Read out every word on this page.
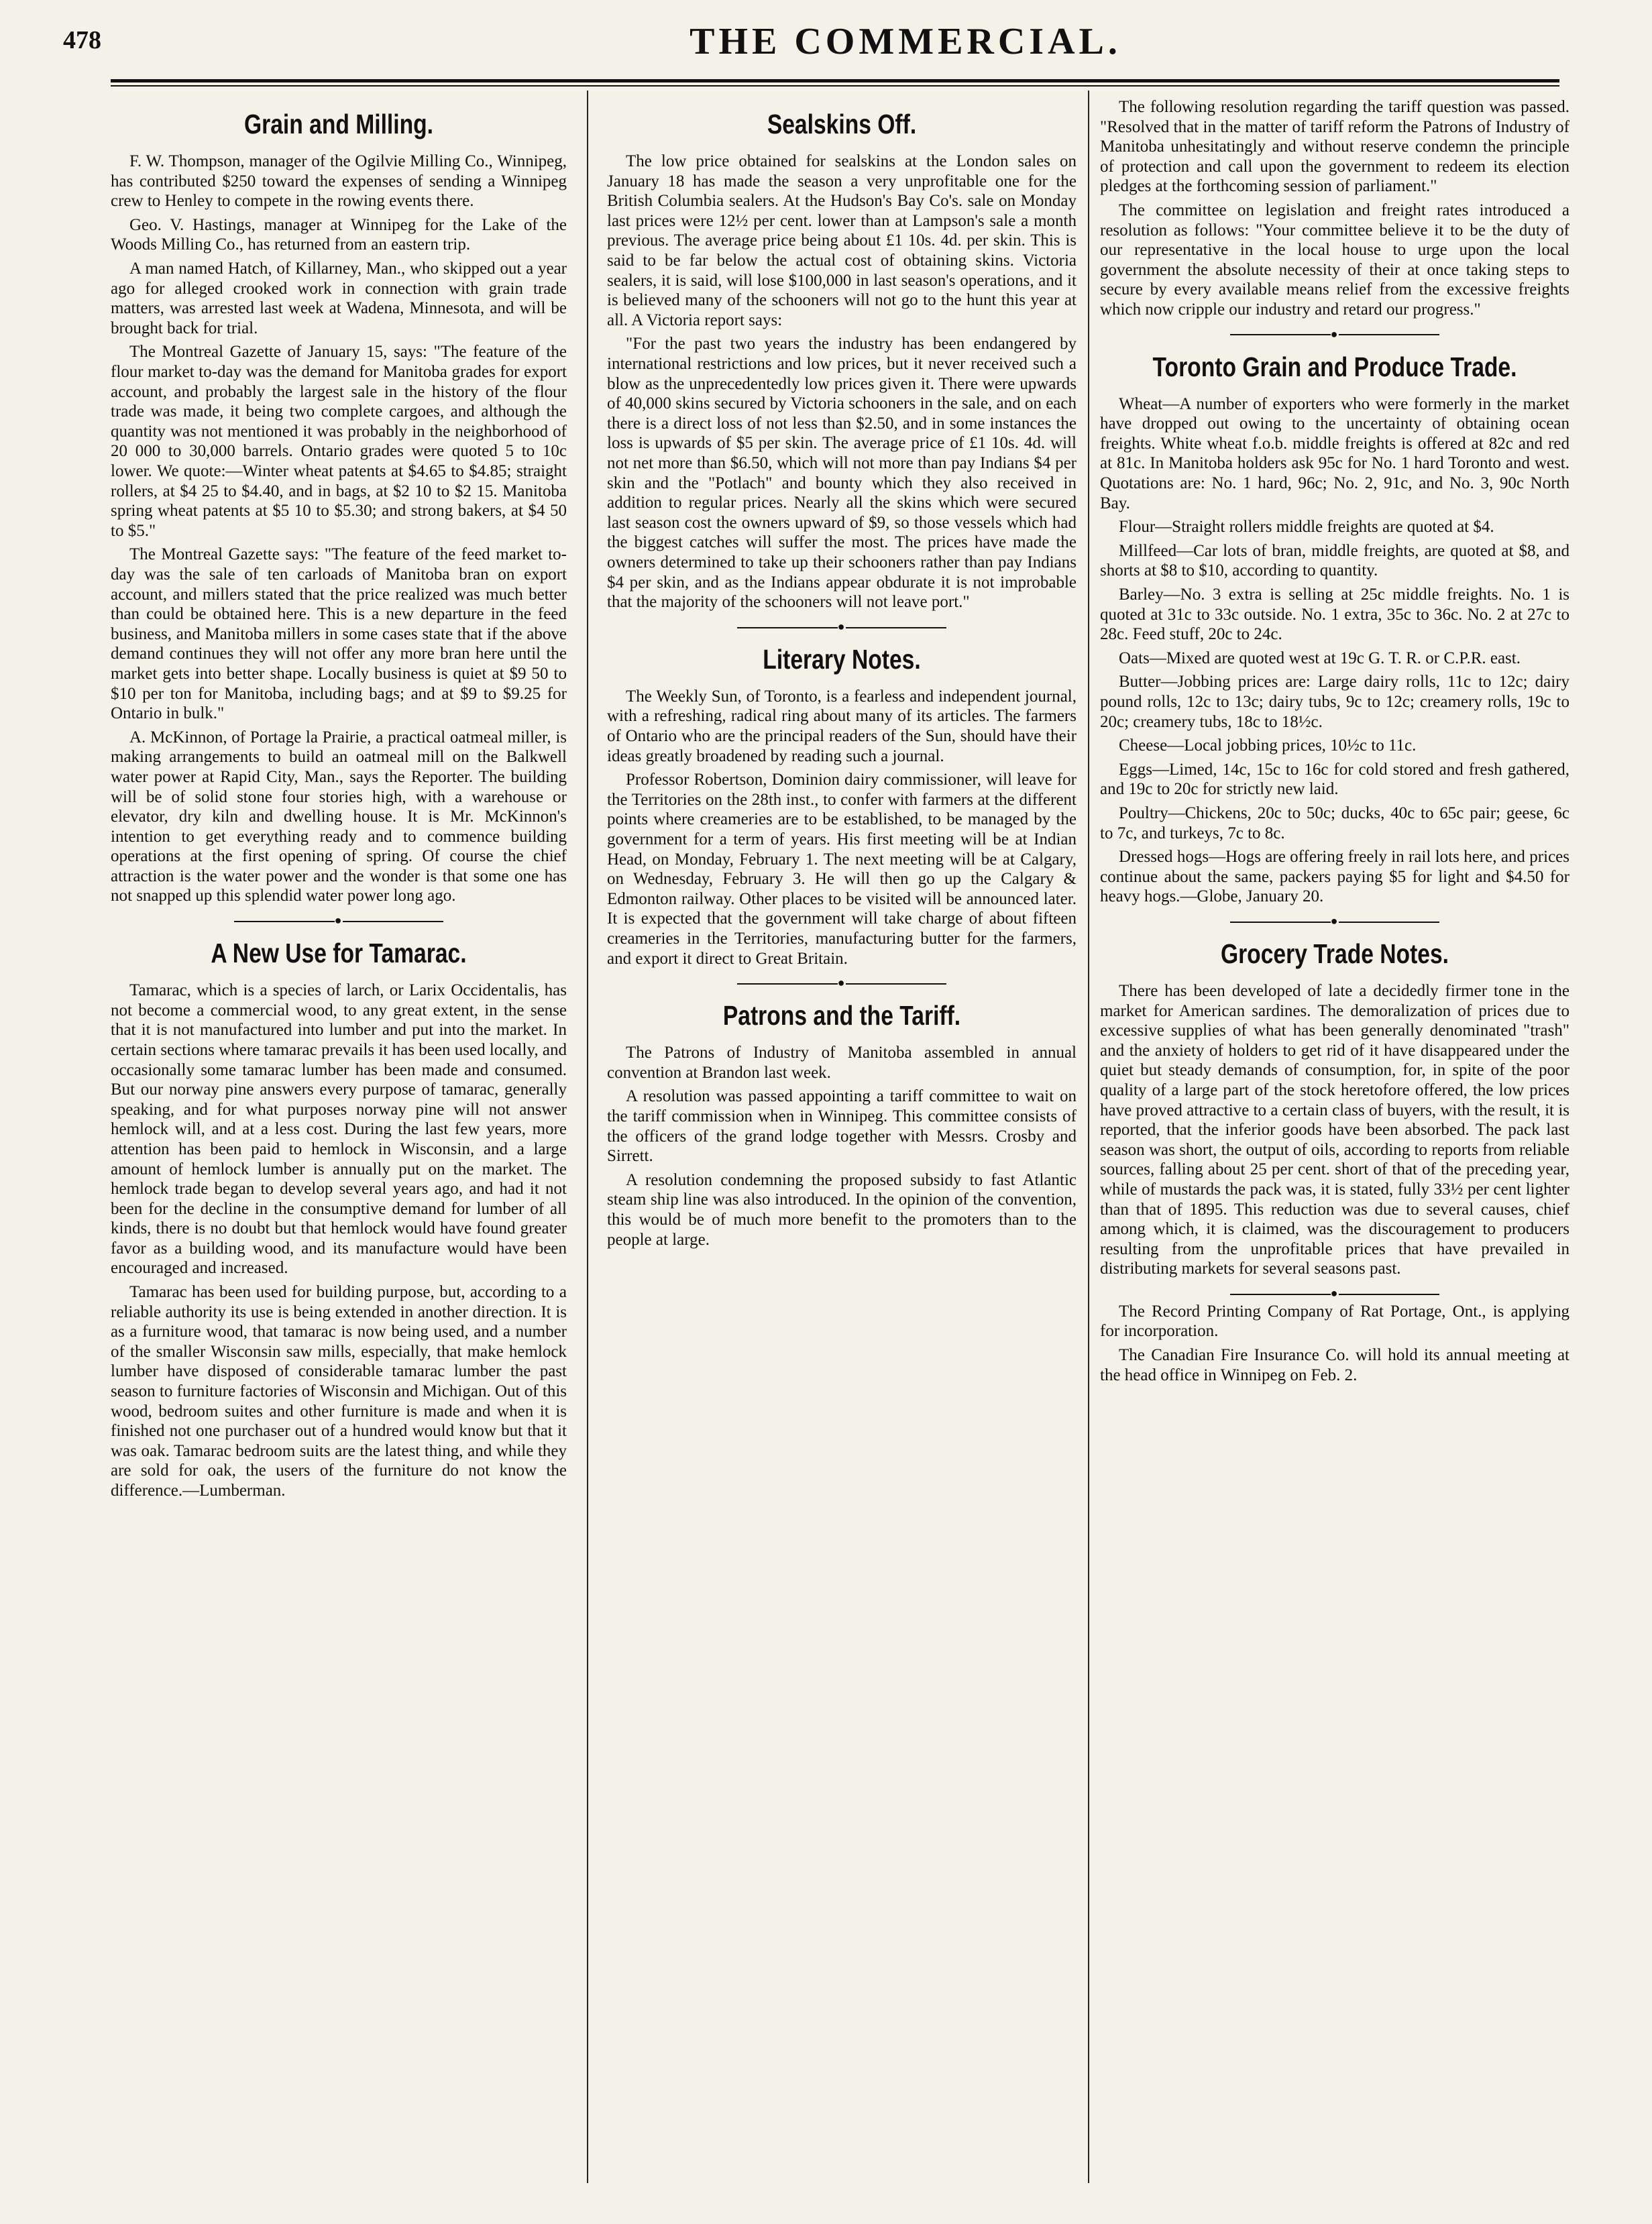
478	THE COMMERCIAL.
Grain and Milling.

F. W. Thompson, manager of the Ogilvie Milling Co., Winnipeg, has contributed $250 toward the expenses of sending a Winnipeg crew to Henley to compete in the rowing events there.

Geo. V. Hastings, manager at Winnipeg for the Lake of the Woods Milling Co., has returned from an eastern trip.

A man named Hatch, of Killarney, Man., who skipped out a year ago for alleged crooked work in connection with grain trade matters, was arrested last week at Wadena, Minnesota, and will be brought back for trial.

The Montreal Gazette of January 15, says: "The feature of the flour market to-day was the demand for Manitoba grades for export account, and probably the largest sale in the history of the flour trade was made, it being two complete cargoes, and although the quantity was not mentioned it was probably in the neighborhood of 20 000 to 30,000 barrels. Ontario grades were quoted 5 to 10c lower. We quote:—Winter wheat patents at $4.65 to $4.85; straight rollers, at $4 25 to $4.40, and in bags, at $2 10 to $2 15. Manitoba spring wheat patents at $5 10 to $5.30; and strong bakers, at $4 50 to $5."

The Montreal Gazette says: "The feature of the feed market to-day was the sale of ten carloads of Manitoba bran on export account, and millers stated that the price realized was much better than could be obtained here. This is a new departure in the feed business, and Manitoba millers in some cases state that if the above demand continues they will not offer any more bran here until the market gets into better shape. Locally business is quiet at $9 50 to $10 per ton for Manitoba, including bags; and at $9 to $9.25 for Ontario in bulk."

A. McKinnon, of Portage la Prairie, a practical oatmeal miller, is making arrangements to build an oatmeal mill on the Balkwell water power at Rapid City, Man., says the Reporter. The building will be of solid stone four stories high, with a warehouse or elevator, dry kiln and dwelling house. It is Mr. McKinnon's intention to get everything ready and to commence building operations at the first opening of spring. Of course the chief attraction is the water power and the wonder is that some one has not snapped up this splendid water power long ago.

●
A New Use for Tamarac.

Tamarac, which is a species of larch, or Larix Occidentalis, has not become a commercial wood, to any great extent, in the sense that it is not manufactured into lumber and put into the market. In certain sections where tamarac prevails it has been used locally, and occasionally some tamarac lumber has been made and consumed. But our norway pine answers every purpose of tamarac, generally speaking, and for what purposes norway pine will not answer hemlock will, and at a less cost. During the last few years, more attention has been paid to hemlock in Wisconsin, and a large amount of hemlock lumber is annually put on the market. The hemlock trade began to develop several years ago, and had it not been for the decline in the consumptive demand for lumber of all kinds, there is no doubt but that hemlock would have found greater favor as a building wood, and its manufacture would have been encouraged and increased.

Tamarac has been used for building purpose, but, according to a reliable authority its use is being extended in another direction. It is as a furniture wood, that tamarac is now being used, and a number of the smaller Wisconsin saw mills, especially, that make hemlock lumber have disposed of considerable tamarac lumber the past season to furniture factories of Wisconsin and Michigan. Out of this wood, bedroom suites and other furniture is made and when it is finished not one purchaser out of a hundred would know but that it was oak. Tamarac bedroom suits are the latest thing, and while they are sold for oak, the users of the furniture do not know the difference.—Lumberman.

Sealskins Off.

The low price obtained for sealskins at the London sales on January 18 has made the season a very unprofitable one for the British Columbia sealers. At the Hudson's Bay Co's. sale on Monday last prices were 12½ per cent. lower than at Lampson's sale a month previous. The average price being about £1 10s. 4d. per skin. This is said to be far below the actual cost of obtaining skins. Victoria sealers, it is said, will lose $100,000 in last season's operations, and it is believed many of the schooners will not go to the hunt this year at all. A Victoria report says:

"For the past two years the industry has been endangered by international restrictions and low prices, but it never received such a blow as the unprecedentedly low prices given it. There were upwards of 40,000 skins secured by Victoria schooners in the sale, and on each there is a direct loss of not less than $2.50, and in some instances the loss is upwards of $5 per skin. The average price of £1 10s. 4d. will not net more than $6.50, which will not more than pay Indians $4 per skin and the "Potlach" and bounty which they also received in addition to regular prices. Nearly all the skins which were secured last season cost the owners upward of $9, so those vessels which had the biggest catches will suffer the most. The prices have made the owners determined to take up their schooners rather than pay Indians $4 per skin, and as the Indians appear obdurate it is not improbable that the majority of the schooners will not leave port."

●
Literary Notes.

The Weekly Sun, of Toronto, is a fearless and independent journal, with a refreshing, radical ring about many of its articles. The farmers of Ontario who are the principal readers of the Sun, should have their ideas greatly broadened by reading such a journal.

Professor Robertson, Dominion dairy commissioner, will leave for the Territories on the 28th inst., to confer with farmers at the different points where creameries are to be established, to be managed by the government for a term of years. His first meeting will be at Indian Head, on Monday, February 1. The next meeting will be at Calgary, on Wednesday, February 3. He will then go up the Calgary & Edmonton railway. Other places to be visited will be announced later. It is expected that the government will take charge of about fifteen creameries in the Territories, manufacturing butter for the farmers, and export it direct to Great Britain.

●
Patrons and the Tariff.

The Patrons of Industry of Manitoba assembled in annual convention at Brandon last week.

A resolution was passed appointing a tariff committee to wait on the tariff commission when in Winnipeg. This committee consists of the officers of the grand lodge together with Messrs. Crosby and Sirrett.

A resolution condemning the proposed subsidy to fast Atlantic steam ship line was also introduced. In the opinion of the convention, this would be of much more benefit to the promoters than to the people at large.

The following resolution regarding the tariff question was passed. "Resolved that in the matter of tariff reform the Patrons of Industry of Manitoba unhesitatingly and without reserve condemn the principle of protection and call upon the government to redeem its election pledges at the forthcoming session of parliament."

The committee on legislation and freight rates introduced a resolution as follows: "Your committee believe it to be the duty of our representative in the local house to urge upon the local government the absolute necessity of their at once taking steps to secure by every available means relief from the excessive freights which now cripple our industry and retard our progress."

●
Toronto Grain and Produce Trade.

Wheat—A number of exporters who were formerly in the market have dropped out owing to the uncertainty of obtaining ocean freights. White wheat f.o.b. middle freights is offered at 82c and red at 81c. In Manitoba holders ask 95c for No. 1 hard Toronto and west. Quotations are: No. 1 hard, 96c; No. 2, 91c, and No. 3, 90c North Bay.

Flour—Straight rollers middle freights are quoted at $4.

Millfeed—Car lots of bran, middle freights, are quoted at $8, and shorts at $8 to $10, according to quantity.

Barley—No. 3 extra is selling at 25c middle freights. No. 1 is quoted at 31c to 33c outside. No. 1 extra, 35c to 36c. No. 2 at 27c to 28c. Feed stuff, 20c to 24c.

Oats—Mixed are quoted west at 19c G. T. R. or C.P.R. east.

Butter—Jobbing prices are: Large dairy rolls, 11c to 12c; dairy pound rolls, 12c to 13c; dairy tubs, 9c to 12c; creamery rolls, 19c to 20c; creamery tubs, 18c to 18½c.

Cheese—Local jobbing prices, 10½c to 11c.

Eggs—Limed, 14c, 15c to 16c for cold stored and fresh gathered, and 19c to 20c for strictly new laid.

Poultry—Chickens, 20c to 50c; ducks, 40c to 65c pair; geese, 6c to 7c, and turkeys, 7c to 8c.

Dressed hogs—Hogs are offering freely in rail lots here, and prices continue about the same, packers paying $5 for light and $4.50 for heavy hogs.—Globe, January 20.

●
Grocery Trade Notes.

There has been developed of late a decidedly firmer tone in the market for American sardines. The demoralization of prices due to excessive supplies of what has been generally denominated "trash" and the anxiety of holders to get rid of it have disappeared under the quiet but steady demands of consumption, for, in spite of the poor quality of a large part of the stock heretofore offered, the low prices have proved attractive to a certain class of buyers, with the result, it is reported, that the inferior goods have been absorbed. The pack last season was short, the output of oils, according to reports from reliable sources, falling about 25 per cent. short of that of the preceding year, while of mustards the pack was, it is stated, fully 33½ per cent lighter than that of 1895. This reduction was due to several causes, chief among which, it is claimed, was the discouragement to producers resulting from the unprofitable prices that have prevailed in distributing markets for several seasons past.

●

The Record Printing Company of Rat Portage, Ont., is applying for incorporation.

The Canadian Fire Insurance Co. will hold its annual meeting at the head office in Winnipeg on Feb. 2.
